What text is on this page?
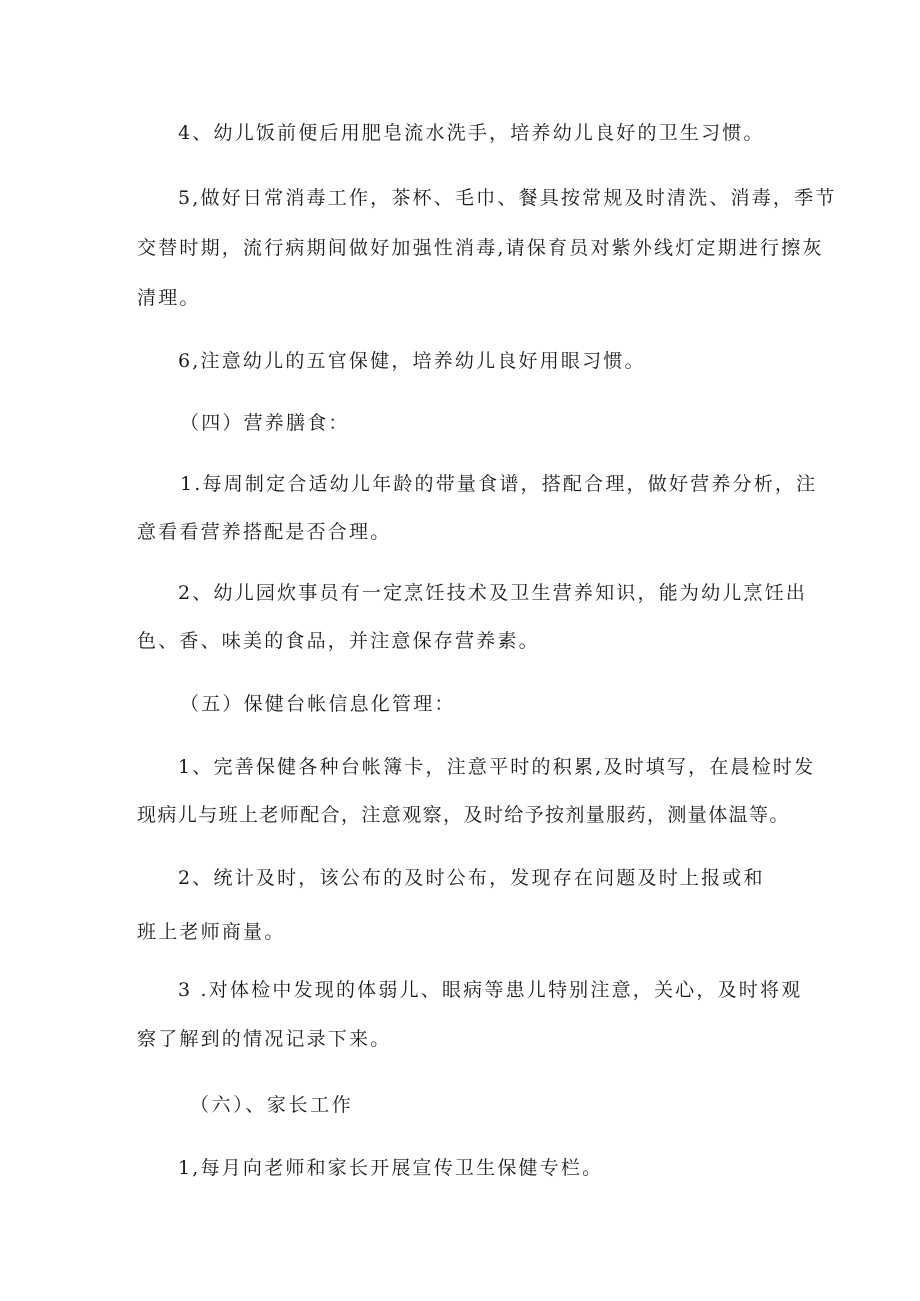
4、幼儿饭前便后用肥皂流水洗手，培养幼儿良好的卫生习惯。
5,做好日常消毒工作，茶杯、毛巾、餐具按常规及时清洗、消毒，季节
交替时期，流行病期间做好加强性消毒,请保育员对紫外线灯定期进行擦灰
清理。
6,注意幼儿的五官保健，培养幼儿良好用眼习惯。
（四）营养膳食：
1.每周制定合适幼儿年龄的带量食谱，搭配合理，做好营养分析，注
意看看营养搭配是否合理。
2、幼儿园炊事员有一定烹饪技术及卫生营养知识，能为幼儿烹饪出
色、香、味美的食品，并注意保存营养素。
（五）保健台帐信息化管理：
1、完善保健各种台帐簿卡，注意平时的积累,及时填写，在晨检时发
现病儿与班上老师配合，注意观察，及时给予按剂量服药，测量体温等。
2、统计及时，该公布的及时公布，发现存在问题及时上报或和
班上老师商量。
3 .对体检中发现的体弱儿、眼病等患儿特别注意，关心，及时将观
察了解到的情况记录下来。
（六）、家长工作
1,每月向老师和家长开展宣传卫生保健专栏。
